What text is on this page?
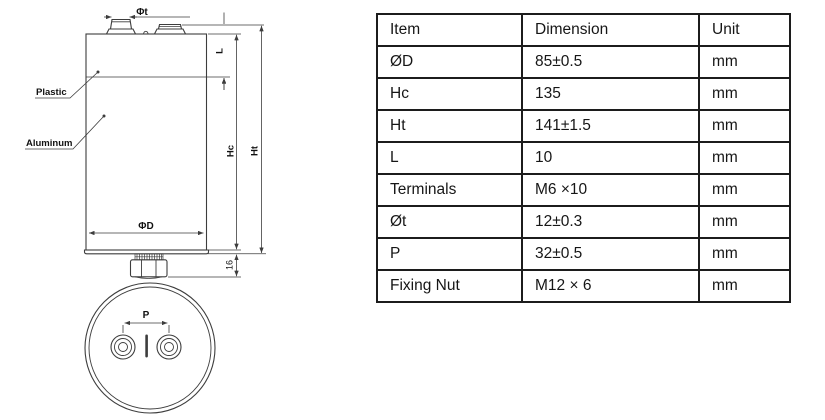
Φt
Plastic
Aluminum
L
Hc Ht
16
ΦD
P
Item	Dimension	Unit
ØD	85±0.5	mm
Hc	135	mm
Ht	141±1.5	mm
L	10	mm
Terminals	M6 ×10	mm
Øt	12±0.3	mm
P	32±0.5	mm
Fixing Nut	M12 × 6	mm
